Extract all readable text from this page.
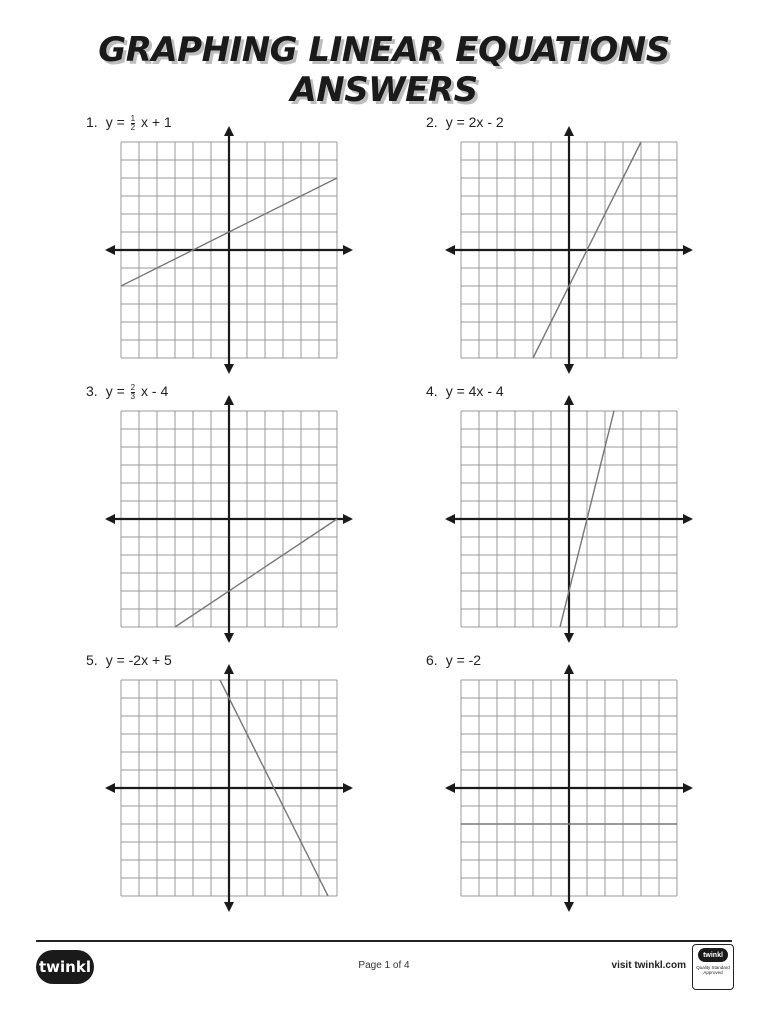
GRAPHING LINEAR EQUATIONS ANSWERS
1. $y = \frac{1}{2}$ x + 1	2. y = 2x - 2
3. $y = \frac{2}{3}$ x - 4	4. y = 4x - 4
5. y = -2x + 5	6. y = -2
twinkl	Page 1 of 4	visit twinkl.com
twinkl
Quality Standard Approved
